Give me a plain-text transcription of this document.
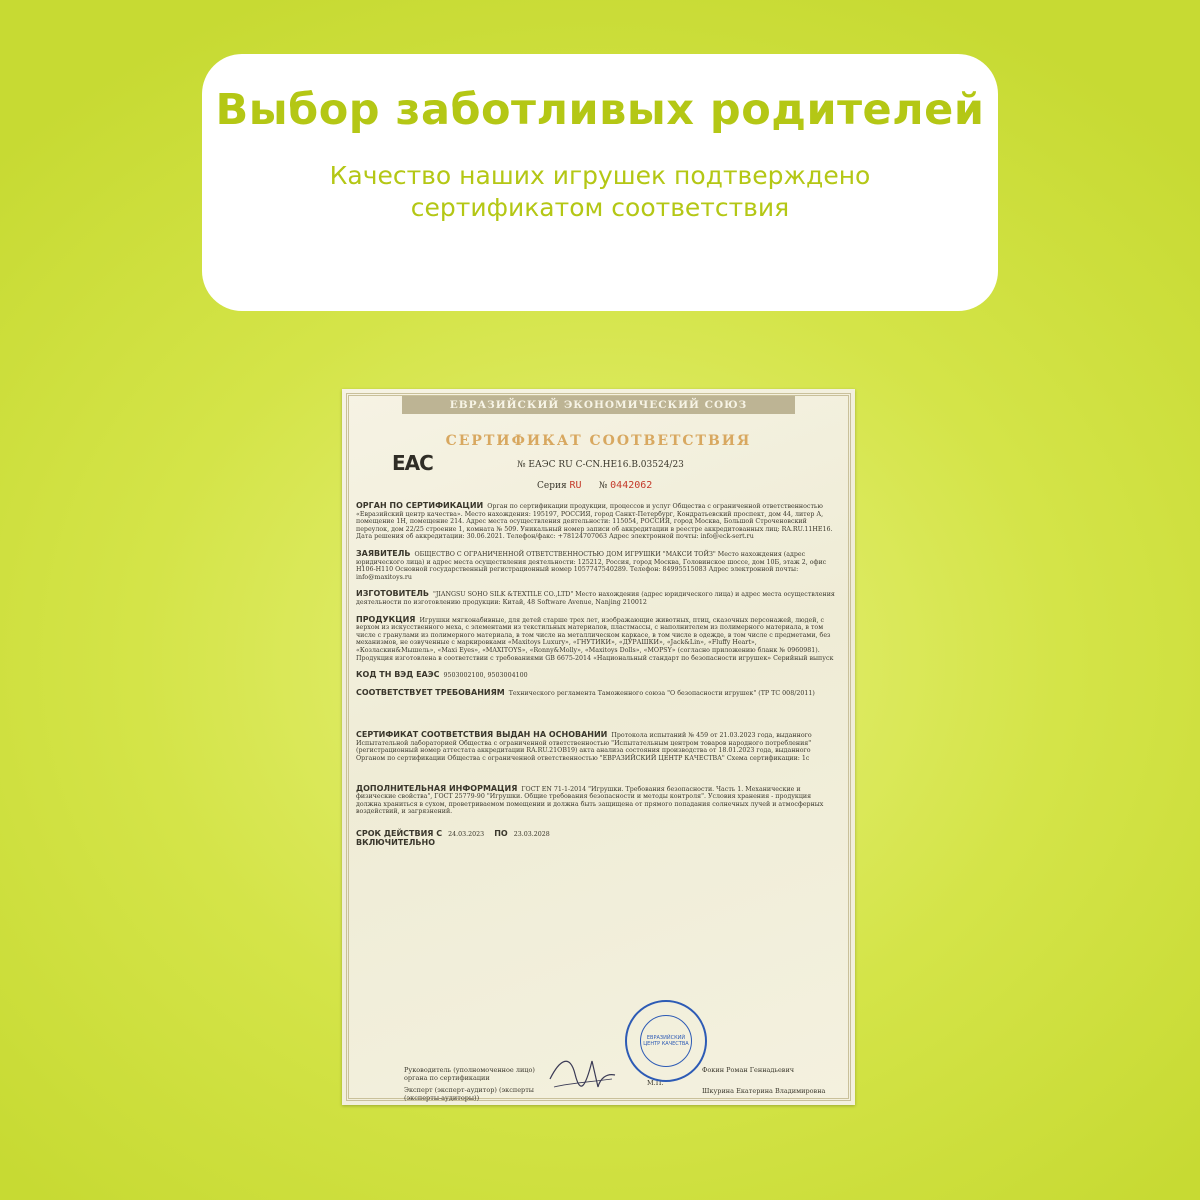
Выбор заботливых родителей
Качество наших игрушек подтверждено сертификатом соответствия
ЕВРАЗИЙСКИЙ ЭКОНОМИЧЕСКИЙ СОЮЗ
СЕРТИФИКАТ СООТВЕТСТВИЯ
EAC	№ ЕАЭС RU C-CN.HE16.B.03524/23
Серия RU № 0442062
ОРГАН ПО СЕРТИФИКАЦИИ Орган по сертификации продукции, процессов и услуг Общества с ограниченной ответственностью «Евразийский центр качества». Место нахождения: 195197, РОССИЯ, город Санкт-Петербург, Кондратьевский проспект, дом 44, литер А, помещение 1Н, помещение 214. Адрес места осуществления деятельности: 115054, РОССИЯ, город Москва, Большой Строченовский переулок, дом 22/25 строение 1, комната № 509. Уникальный номер записи об аккредитации в реестре аккредитованных лиц: RA.RU.11HE16. Дата решения об аккредитации: 30.06.2021. Телефон/факс: +78124707063 Адрес электронной почты: info@eck-sert.ru
ЗАЯВИТЕЛЬ ОБЩЕСТВО С ОГРАНИЧЕННОЙ ОТВЕТСТВЕННОСТЬЮ ДОМ ИГРУШКИ "МАКСИ ТОЙЗ" Место нахождения (адрес юридического лица) и адрес места осуществления деятельности: 125212, Россия, город Москва, Головинское шоссе, дом 10Б, этаж 2, офис Н106-Н110 Основной государственный регистрационный номер 1057747540289. Телефон: 84995515083 Адрес электронной почты: info@maxitoys.ru
ИЗГОТОВИТЕЛЬ "JIANGSU SOHO SILK &TEXTILE CO.,LTD" Место нахождения (адрес юридического лица) и адрес места осуществления деятельности по изготовлению продукции: Китай, 48 Software Avenue, Nanjing 210012
ПРОДУКЦИЯ Игрушки мягконабивные, для детей старше трех лет, изображающие животных, птиц, сказочных персонажей, людей, с верхом из искусственного меха, с элементами из текстильных материалов, пластмассы, с наполнителем из полимерного материала, в том числе с гранулами из полимерного материала, в том числе на металлическом каркасе, в том числе в одежде, в том числе с предметами, без механизмов, не озвученные с маркировками «Maxitoys Luxury», «ГНУТИКИ», «ДУРАШКИ», «Jack&Lin», «Fluffy Heart», «Козласкин&Мышель», «Maxi Eyes», «MAXITOYS», «Ronny&Molly», «Maxitoys Dolls», «MOPSY» (согласно приложению бланк № 0960981). Продукция изготовлена в соответствии с требованиями GB 6675-2014 «Национальный стандарт по безопасности игрушек» Серийный выпуск
КОД ТН ВЭД ЕАЭС 9503002100, 9503004100
СООТВЕТСТВУЕТ ТРЕБОВАНИЯМ Технического регламента Таможенного союза "О безопасности игрушек" (ТР ТС 008/2011)
СЕРТИФИКАТ СООТВЕТСТВИЯ ВЫДАН НА ОСНОВАНИИ Протокола испытаний № 459 от 21.03.2023 года, выданного Испытательной лабораторией Общества с ограниченной ответственностью "Испытательным центром товаров народного потребления" (регистрационный номер аттестата аккредитации RA.RU.21OB19) акта анализа состояния производства от 18.01.2023 года, выданного Органом по сертификации Общества с ограниченной ответственностью "ЕВРАЗИЙСКИЙ ЦЕНТР КАЧЕСТВА" Схема сертификации: 1с
ДОПОЛНИТЕЛЬНАЯ ИНФОРМАЦИЯ ГОСТ EN 71-1-2014 "Игрушки. Требования безопасности. Часть 1. Механические и физические свойства", ГОСТ 25779-90 "Игрушки. Общие требования безопасности и методы контроля". Условия хранения - продукция должна храниться в сухом, проветриваемом помещении и должна быть защищена от прямого попадания солнечных лучей и атмосферных воздействий, и загрязнений.
СРОК ДЕЙСТВИЯ С 24.03.2023 ПО 23.03.2028
ВКЛЮЧИТЕЛЬНО
Руководитель (уполномоченное лицо) органа по сертификации
Эксперт (эксперт-аудитор) (эксперты (эксперты-аудиторы))
Фокин Роман Геннадьевич
Шкурина Екатерина Владимировна
М.П.
ЕВРАЗИЙСКИЙ ЦЕНТР КАЧЕСТВА
